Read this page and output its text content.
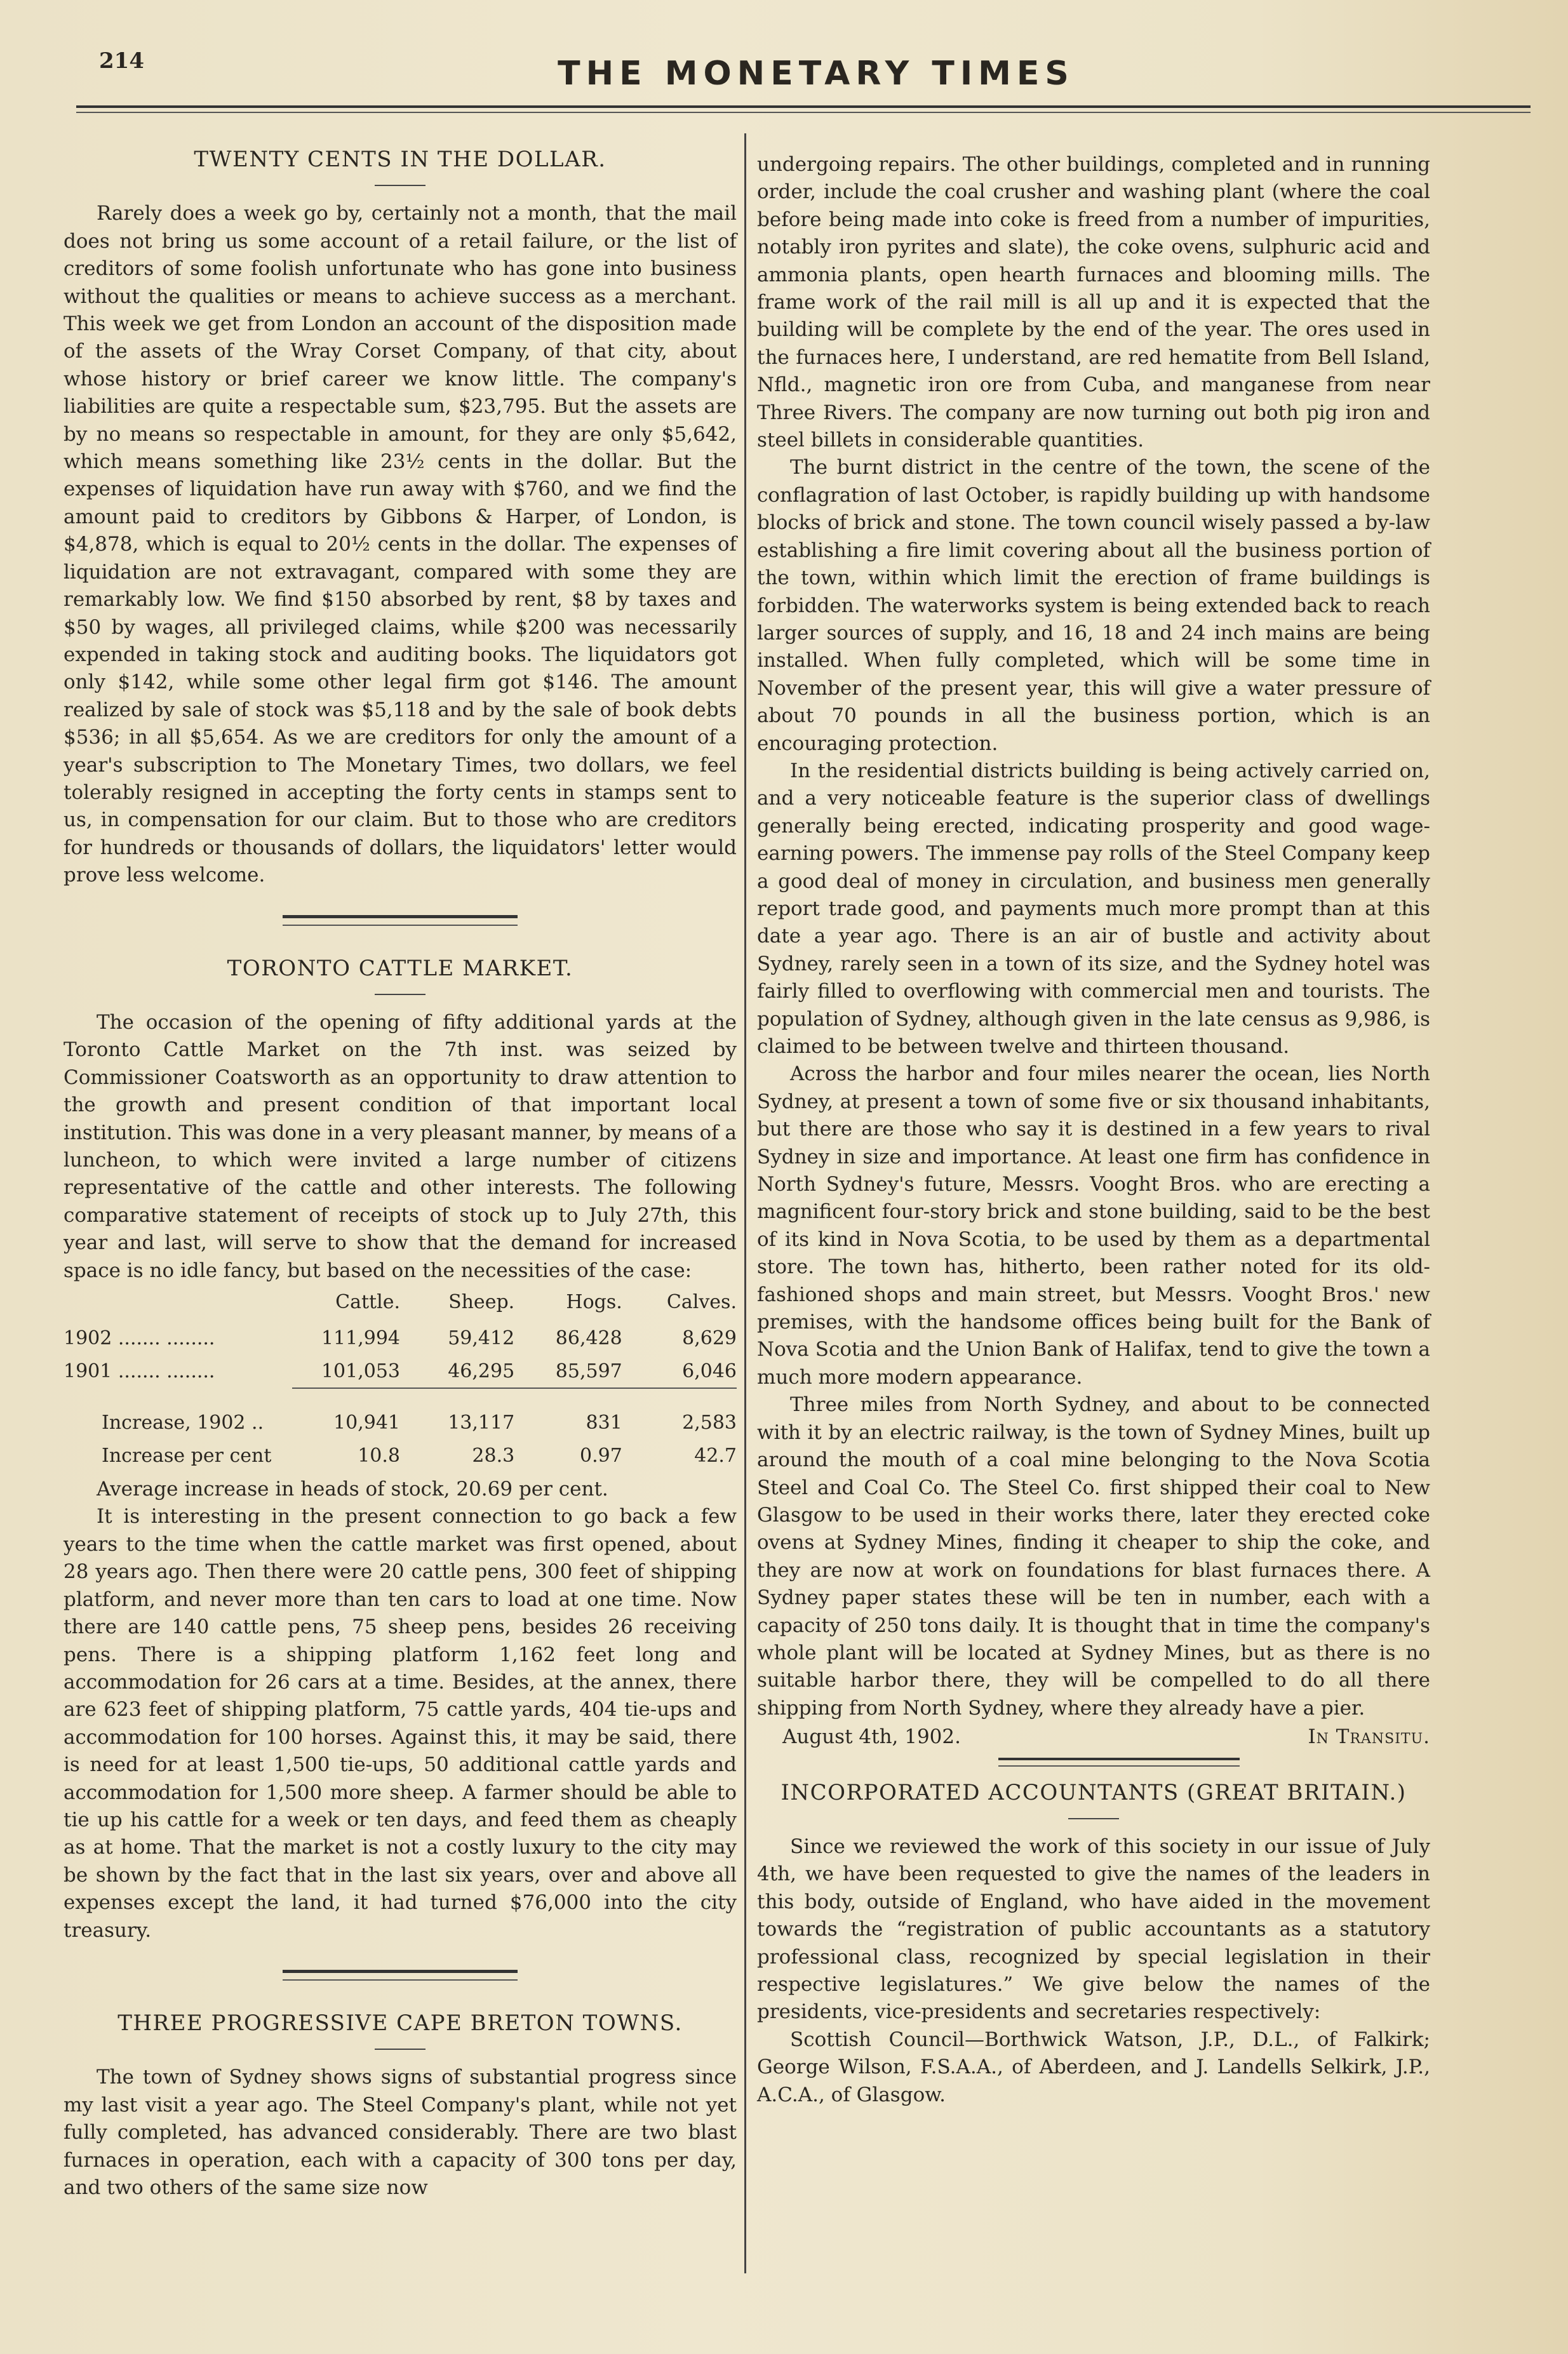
214	THE MONETARY TIMES
TWENTY CENTS IN THE DOLLAR.

Rarely does a week go by, certainly not a month, that the mail does not bring us some account of a retail failure, or the list of creditors of some foolish unfortunate who has gone into business without the qualities or means to achieve success as a merchant. This week we get from London an account of the disposition made of the assets of the Wray Corset Company, of that city, about whose history or brief career we know little. The company's liabilities are quite a respectable sum, $23,795. But the assets are by no means so respectable in amount, for they are only $5,642, which means something like 23½ cents in the dollar. But the expenses of liquidation have run away with $760, and we find the amount paid to creditors by Gibbons & Harper, of London, is $4,878, which is equal to 20½ cents in the dollar. The expenses of liquidation are not extravagant, compared with some they are remarkably low. We find $150 absorbed by rent, $8 by taxes and $50 by wages, all privileged claims, while $200 was necessarily expended in taking stock and auditing books. The liquidators got only $142, while some other legal firm got $146. The amount realized by sale of stock was $5,118 and by the sale of book debts $536; in all $5,654. As we are creditors for only the amount of a year's subscription to The Monetary Times, two dollars, we feel tolerably resigned in accepting the forty cents in stamps sent to us, in compensation for our claim. But to those who are creditors for hundreds or thousands of dollars, the liquidators' letter would prove less welcome.

TORONTO CATTLE MARKET.

The occasion of the opening of fifty additional yards at the Toronto Cattle Market on the 7th inst. was seized by Commissioner Coatsworth as an opportunity to draw attention to the growth and present condition of that important local institution. This was done in a very pleasant manner, by means of a luncheon, to which were invited a large number of citizens representative of the cattle and other interests. The following comparative statement of receipts of stock up to July 27th, this year and last, will serve to show that the demand for increased space is no idle fancy, but based on the necessities of the case:

	Cattle.	Sheep.	Hogs.	Calves.
1902 ....... ........	111,994	59,412	86,428	8,629
1901 ....... ........	101,053	46,295	85,597	6,046

Increase, 1902 ..	10,941	13,117	831	2,583
Increase per cent	10.8	28.3	0.97	42.7

Average increase in heads of stock, 20.69 per cent.

It is interesting in the present connection to go back a few years to the time when the cattle market was first opened, about 28 years ago. Then there were 20 cattle pens, 300 feet of shipping platform, and never more than ten cars to load at one time. Now there are 140 cattle pens, 75 sheep pens, besides 26 receiving pens. There is a shipping platform 1,162 feet long and accommodation for 26 cars at a time. Besides, at the annex, there are 623 feet of shipping platform, 75 cattle yards, 404 tie-ups and accommodation for 100 horses. Against this, it may be said, there is need for at least 1,500 tie-ups, 50 additional cattle yards and accommodation for 1,500 more sheep. A farmer should be able to tie up his cattle for a week or ten days, and feed them as cheaply as at home. That the market is not a costly luxury to the city may be shown by the fact that in the last six years, over and above all expenses except the land, it had turned $76,000 into the city treasury.

THREE PROGRESSIVE CAPE BRETON TOWNS.

The town of Sydney shows signs of substantial progress since my last visit a year ago. The Steel Company's plant, while not yet fully completed, has advanced considerably. There are two blast furnaces in operation, each with a capacity of 300 tons per day, and two others of the same size now

undergoing repairs. The other buildings, completed and in running order, include the coal crusher and washing plant (where the coal before being made into coke is freed from a number of impurities, notably iron pyrites and slate), the coke ovens, sulphuric acid and ammonia plants, open hearth furnaces and blooming mills. The frame work of the rail mill is all up and it is expected that the building will be complete by the end of the year. The ores used in the furnaces here, I understand, are red hematite from Bell Island, Nfld., magnetic iron ore from Cuba, and manganese from near Three Rivers. The company are now turning out both pig iron and steel billets in considerable quantities.

The burnt district in the centre of the town, the scene of the conflagration of last October, is rapidly building up with handsome blocks of brick and stone. The town council wisely passed a by-law establishing a fire limit covering about all the business portion of the town, within which limit the erection of frame buildings is forbidden. The waterworks system is being extended back to reach larger sources of supply, and 16, 18 and 24 inch mains are being installed. When fully completed, which will be some time in November of the present year, this will give a water pressure of about 70 pounds in all the business portion, which is an encouraging protection.

In the residential districts building is being actively carried on, and a very noticeable feature is the superior class of dwellings generally being erected, indicating prosperity and good wage-earning powers. The immense pay rolls of the Steel Company keep a good deal of money in circulation, and business men generally report trade good, and payments much more prompt than at this date a year ago. There is an air of bustle and activity about Sydney, rarely seen in a town of its size, and the Sydney hotel was fairly filled to overflowing with commercial men and tourists. The population of Sydney, although given in the late census as 9,986, is claimed to be between twelve and thirteen thousand.

Across the harbor and four miles nearer the ocean, lies North Sydney, at present a town of some five or six thousand inhabitants, but there are those who say it is destined in a few years to rival Sydney in size and importance. At least one firm has confidence in North Sydney's future, Messrs. Vooght Bros. who are erecting a magnificent four-story brick and stone building, said to be the best of its kind in Nova Scotia, to be used by them as a departmental store. The town has, hitherto, been rather noted for its old-fashioned shops and main street, but Messrs. Vooght Bros.' new premises, with the handsome offices being built for the Bank of Nova Scotia and the Union Bank of Halifax, tend to give the town a much more modern appearance.

Three miles from North Sydney, and about to be connected with it by an electric railway, is the town of Sydney Mines, built up around the mouth of a coal mine belonging to the Nova Scotia Steel and Coal Co. The Steel Co. first shipped their coal to New Glasgow to be used in their works there, later they erected coke ovens at Sydney Mines, finding it cheaper to ship the coke, and they are now at work on foundations for blast furnaces there. A Sydney paper states these will be ten in number, each with a capacity of 250 tons daily. It is thought that in time the company's whole plant will be located at Sydney Mines, but as there is no suitable harbor there, they will be compelled to do all there shipping from North Sydney, where they already have a pier.

August 4th, 1902.	In Transitu.
INCORPORATED ACCOUNTANTS (GREAT BRITAIN.)

Since we reviewed the work of this society in our issue of July 4th, we have been requested to give the names of the leaders in this body, outside of England, who have aided in the movement towards the “registration of public accountants as a statutory professional class, recognized by special legislation in their respective legislatures.” We give below the names of the presidents, vice-presidents and secretaries respectively:

Scottish Council—Borthwick Watson, J.P., D.L., of Falkirk; George Wilson, F.S.A.A., of Aberdeen, and J. Landells Selkirk, J.P., A.C.A., of Glasgow.
